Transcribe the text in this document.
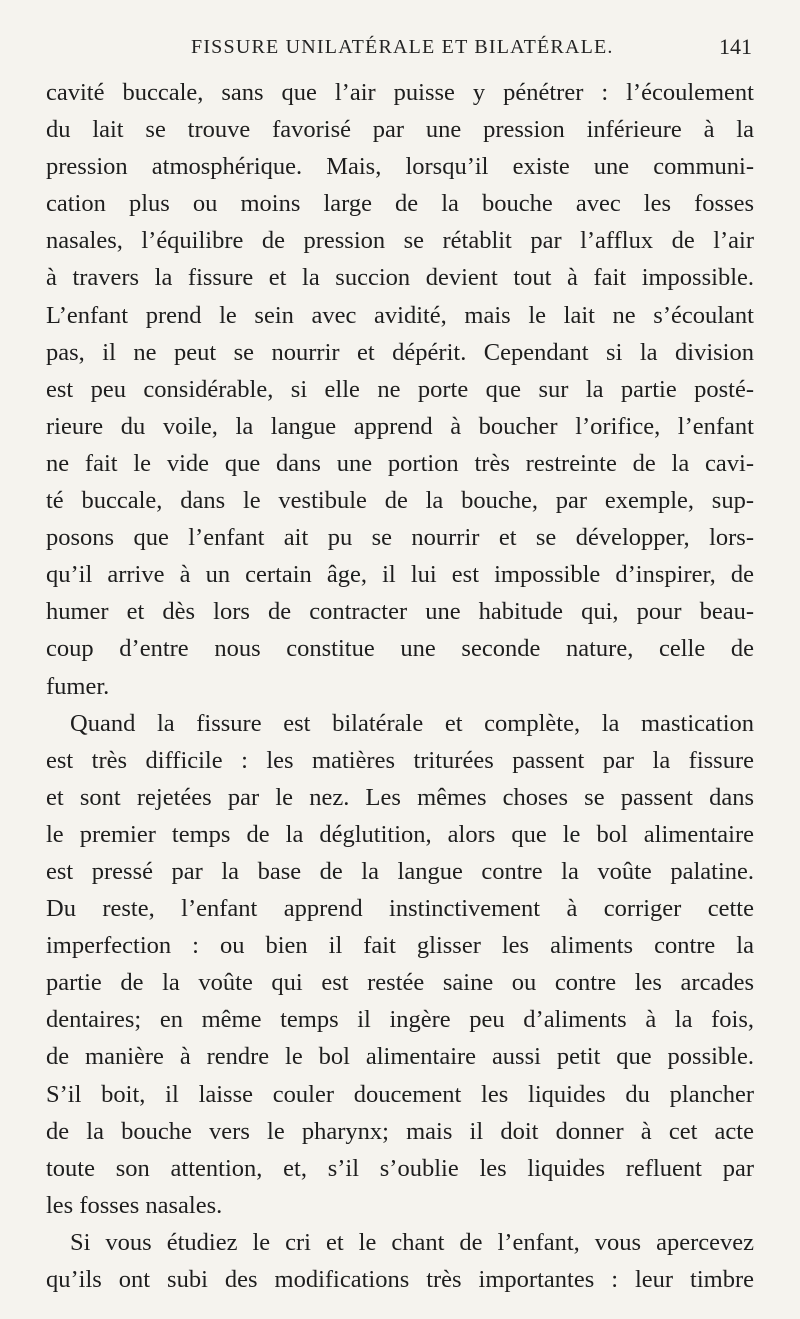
FISSURE UNILATÉRALE ET BILATÉRALE.	141
cavité buccale, sans que l’air puisse y pénétrer : l’écoulement
du lait se trouve favorisé par une pression inférieure à la
pression atmosphérique. Mais, lorsqu’il existe une communi-
cation plus ou moins large de la bouche avec les fosses
nasales, l’équilibre de pression se rétablit par l’afflux de l’air
à travers la fissure et la succion devient tout à fait impossible.
L’enfant prend le sein avec avidité, mais le lait ne s’écoulant
pas, il ne peut se nourrir et dépérit. Cependant si la division
est peu considérable, si elle ne porte que sur la partie posté-
rieure du voile, la langue apprend à boucher l’orifice, l’enfant
ne fait le vide que dans une portion très restreinte de la cavi-
té buccale, dans le vestibule de la bouche, par exemple, sup-
posons que l’enfant ait pu se nourrir et se développer, lors-
qu’il arrive à un certain âge, il lui est impossible d’inspirer, de
humer et dès lors de contracter une habitude qui, pour beau-
coup d’entre nous constitue une seconde nature, celle de
fumer.
Quand la fissure est bilatérale et complète, la mastication
est très difficile : les matières triturées passent par la fissure
et sont rejetées par le nez. Les mêmes choses se passent dans
le premier temps de la déglutition, alors que le bol alimentaire
est pressé par la base de la langue contre la voûte palatine.
Du reste, l’enfant apprend instinctivement à corriger cette
imperfection : ou bien il fait glisser les aliments contre la
partie de la voûte qui est restée saine ou contre les arcades
dentaires; en même temps il ingère peu d’aliments à la fois,
de manière à rendre le bol alimentaire aussi petit que possible.
S’il boit, il laisse couler doucement les liquides du plancher
de la bouche vers le pharynx; mais il doit donner à cet acte
toute son attention, et, s’il s’oublie les liquides refluent par
les fosses nasales.
Si vous étudiez le cri et le chant de l’enfant, vous apercevez
qu’ils ont subi des modifications très importantes : leur timbre
